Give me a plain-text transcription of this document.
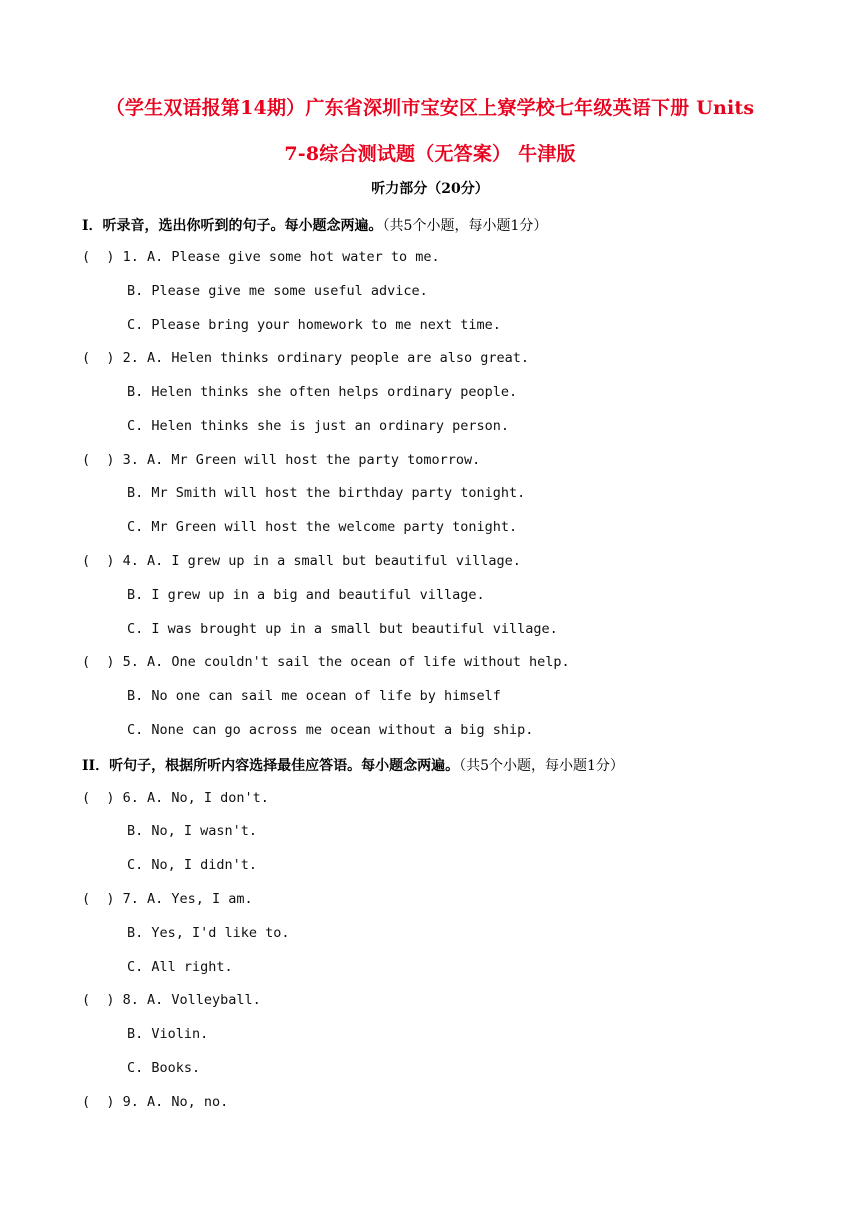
（学生双语报第14期）广东省深圳市宝安区上寮学校七年级英语下册 Units
7-8综合测试题（无答案） 牛津版
听力部分（20分）
I．听录音，选出你听到的句子。每小题念两遍。（共5个小题，每小题1分）
(  ) 1. A. Please give some hot water to me.
B. Please give me some useful advice.
C. Please bring your homework to me next time.
(  ) 2. A. Helen thinks ordinary people are also great.
B. Helen thinks she often helps ordinary people.
C. Helen thinks she is just an ordinary person.
(  ) 3. A. Mr Green will host the party tomorrow.
B. Mr Smith will host the birthday party tonight.
C. Mr Green will host the welcome party tonight.
(  ) 4. A. I grew up in a small but beautiful village.
B. I grew up in a big and beautiful village.
C. I was brought up in a small but beautiful village.
(  ) 5. A. One couldn't sail the ocean of life without help.
B. No one can sail me ocean of life by himself
C. None can go across me ocean without a big ship.
II．听句子，根据所听内容选择最佳应答语。每小题念两遍。（共5个小题，每小题1分）
(  ) 6. A. No, I don't.
B. No, I wasn't.
C. No, I didn't.
(  ) 7. A. Yes, I am.
B. Yes, I'd like to.
C. All right.
(  ) 8. A. Volleyball.
B. Violin.
C. Books.
(  ) 9. A. No, no.
